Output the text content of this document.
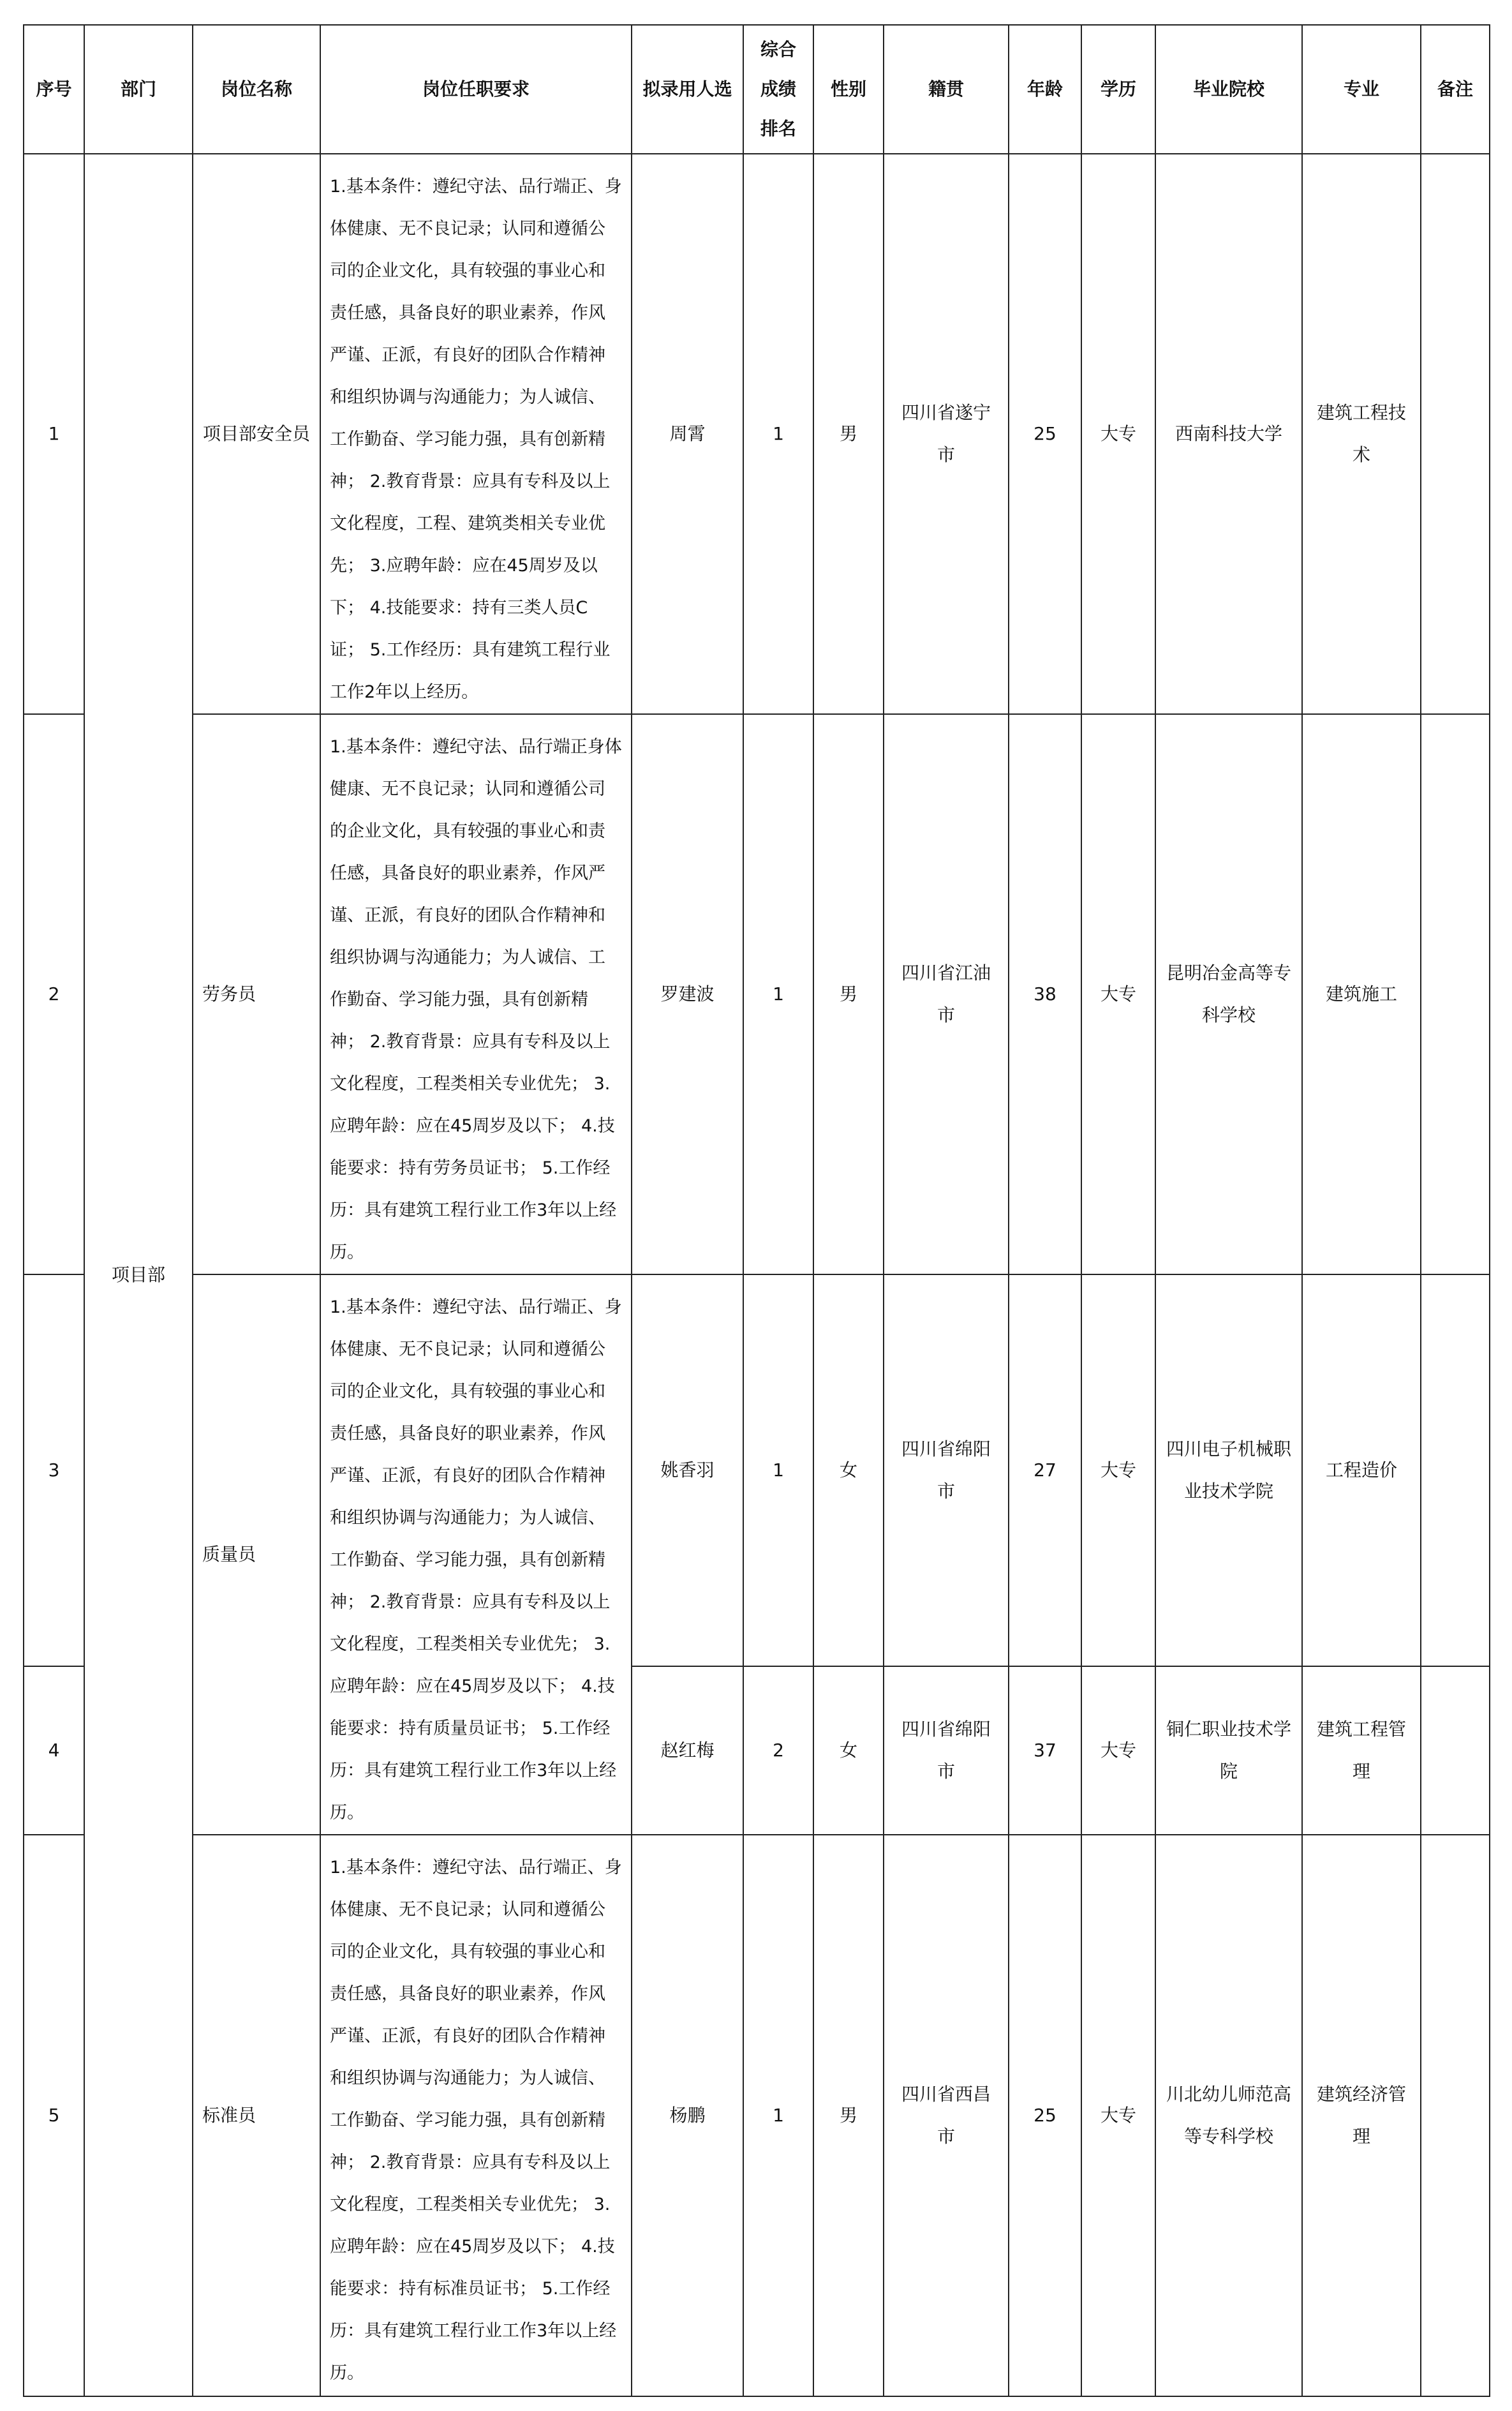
序号	部门	岗位名称	岗位任职要求	拟录用人选	综合成绩排名	性别	籍贯	年龄	学历	毕业院校	专业	备注
1	项目部	项目部安全员	1.基本条件：遵纪守法、品行端正、身体健康、无不良记录；认同和遵循公司的企业文化，具有较强的事业心和责任感，具备良好的职业素养，作风严谨、正派，有良好的团队合作精神和组织协调与沟通能力；为人诚信、工作勤奋、学习能力强，具有创新精神； 2.教育背景：应具有专科及以上文化程度，工程、建筑类相关专业优先； 3.应聘年龄：应在45周岁及以下； 4.技能要求：持有三类人员C证； 5.工作经历：具有建筑工程行业工作2年以上经历。	周霄	1	男	四川省遂宁市	25	大专	西南科技大学	建筑工程技术	
2		劳务员	1.基本条件：遵纪守法、品行端正身体健康、无不良记录；认同和遵循公司的企业文化，具有较强的事业心和责任感，具备良好的职业素养，作风严谨、正派，有良好的团队合作精神和组织协调与沟通能力；为人诚信、工作勤奋、学习能力强，具有创新精神； 2.教育背景：应具有专科及以上文化程度，工程类相关专业优先； 3.应聘年龄：应在45周岁及以下； 4.技能要求：持有劳务员证书； 5.工作经历：具有建筑工程行业工作3年以上经历。	罗建波	1	男	四川省江油市	38	大专	昆明冶金高等专科学校	建筑施工	
3		质量员	1.基本条件：遵纪守法、品行端正、身体健康、无不良记录；认同和遵循公司的企业文化，具有较强的事业心和责任感，具备良好的职业素养，作风严谨、正派，有良好的团队合作精神和组织协调与沟通能力；为人诚信、工作勤奋、学习能力强，具有创新精神； 2.教育背景：应具有专科及以上文化程度，工程类相关专业优先； 3.应聘年龄：应在45周岁及以下； 4.技能要求：持有质量员证书； 5.工作经历：具有建筑工程行业工作3年以上经历。	姚香羽	1	女	四川省绵阳市	27	大专	四川电子机械职业技术学院	工程造价	
4				赵红梅	2	女	四川省绵阳市	37	大专	铜仁职业技术学院	建筑工程管理	
5		标准员	1.基本条件：遵纪守法、品行端正、身体健康、无不良记录；认同和遵循公司的企业文化，具有较强的事业心和责任感，具备良好的职业素养，作风严谨、正派，有良好的团队合作精神和组织协调与沟通能力；为人诚信、工作勤奋、学习能力强，具有创新精神； 2.教育背景：应具有专科及以上文化程度，工程类相关专业优先； 3.应聘年龄：应在45周岁及以下； 4.技能要求：持有标准员证书； 5.工作经历：具有建筑工程行业工作3年以上经历。	杨鹏	1	男	四川省西昌市	25	大专	川北幼儿师范高等专科学校	建筑经济管理	
